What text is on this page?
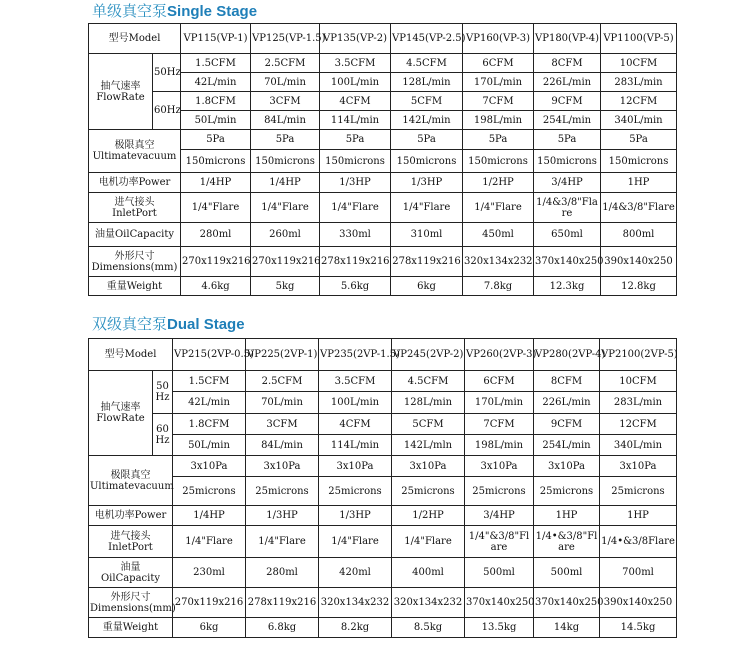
单级真空泵Single Stage
型号Model		VP115(VP-1)	VP125(VP-1.5)	VP135(VP-2)	VP145(VP-2.5)	VP160(VP-3)	VP180(VP-4)	VP1100(VP-5)
抽气速率
FlowRate	50Hz	1.5CFM	2.5CFM	3.5CFM	4.5CFM	6CFM	8CFM	10CFM
		42L/min	70L/min	100L/min	128L/min	170L/min	226L/min	283L/min
	60Hz	1.8CFM	3CFM	4CFM	5CFM	7CFM	9CFM	12CFM
		50L/min	84L/min	114L/min	142L/min	198L/min	254L/min	340L/min
极限真空
Ultimatevacuum		5Pa	5Pa	5Pa	5Pa	5Pa	5Pa	5Pa
		150microns	150microns	150microns	150microns	150microns	150microns	150microns
电机功率Power		1/4HP	1/4HP	1/3HP	1/3HP	1/2HP	3/4HP	1HP
进气接头
InletPort		1/4"Flare	1/4"Flare	1/4"Flare	1/4"Flare	1/4"Flare	1/4&3/8"Flare	1/4&3/8"Flare
油量OilCapacity		280ml	260ml	330ml	310ml	450ml	650ml	800ml
外形尺寸
Dimensions(mm)		270x119x216	270x119x216	278x119x216	278x119x216	320x134x232	370x140x250	390x140x250
重量Weight		4.6kg	5kg	5.6kg	6kg	7.8kg	12.3kg	12.8kg
双级真空泵Dual Stage
型号Model		VP215(2VP-0.5)	VP225(2VP-1)	VP235(2VP-1.5)	VP245(2VP-2)	VP260(2VP-3)	VP280(2VP-4)	VP2100(2VP-5)
抽气速率
FlowRate	50Hz	1.5CFM	2.5CFM	3.5CFM	4.5CFM	6CFM	8CFM	10CFM
		42L/min	70L/min	100L/min	128L/min	170L/min	226L/min	283L/min
	60Hz	1.8CFM	3CFM	4CFM	5CFM	7CFM	9CFM	12CFM
		50L/min	84L/min	114L/min	142L/mln	198L/min	254L/min	340L/min
极限真空
Ultimatevacuum		3x10Pa	3x10Pa	3x10Pa	3x10Pa	3x10Pa	3x10Pa	3x10Pa
		25microns	25microns	25microns	25microns	25microns	25microns	25microns
电机功率Power		1/4HP	1/3HP	1/3HP	1/2HP	3/4HP	1HP	1HP
进气接头
InletPort		1/4"Flare	1/4"Flare	1/4"Flare	1/4"Flare	1/4"&3/8"Flare	1/4•&3/8"Flare	1/4•&3/8Flare
油量
OilCapacity		230ml	280ml	420ml	400ml	500ml	500ml	700ml
外形尺寸
Dimensions(mm)		270x119x216	278x119x216	320x134x232	320x134x232	370x140x250	370x140x250	390x140x250
重量Weight		6kg	6.8kg	8.2kg	8.5kg	13.5kg	14kg	14.5kg
